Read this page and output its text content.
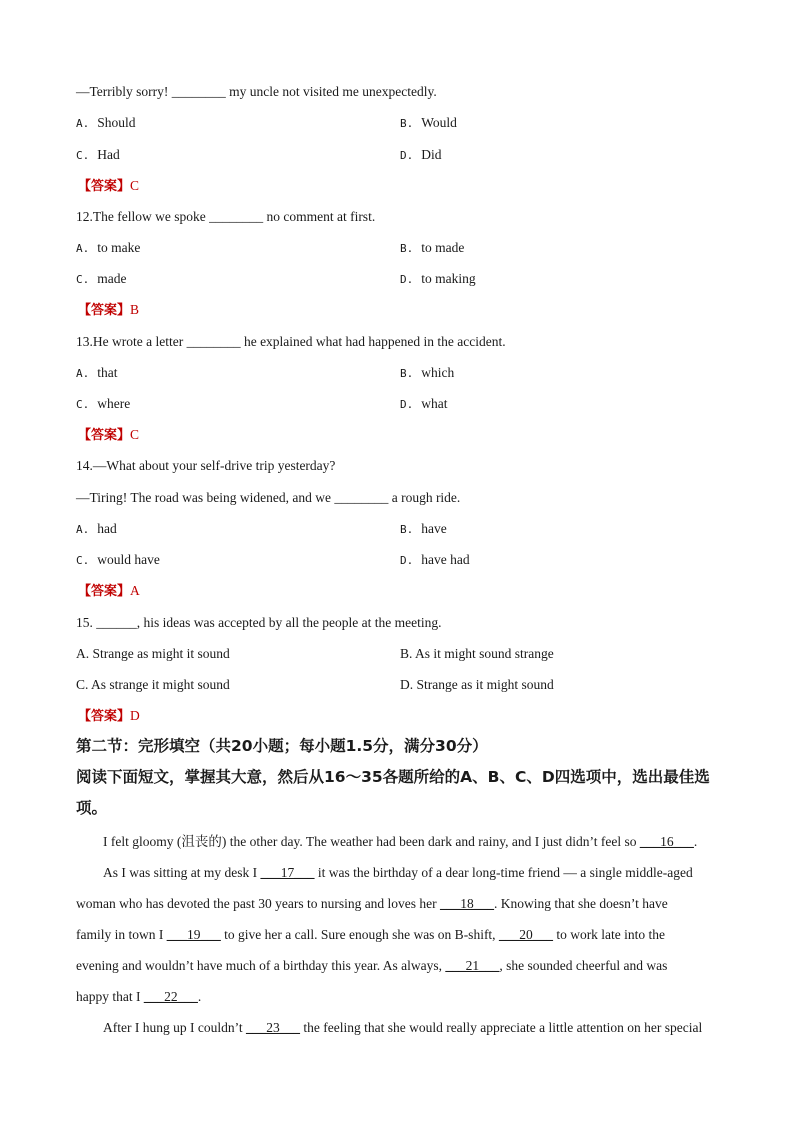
—Terribly sorry! ________ my uncle not visited me unexpectedly.
A. Should	B. Would
C. Had	D. Did
【答案】C
12.The fellow we spoke ________ no comment at first.
A. to make	B. to made
C. made	D. to making
【答案】B
13.He wrote a letter ________ he explained what had happened in the accident.
A. that	B. which
C. where	D. what
【答案】C
14.—What about your self-drive trip yesterday?
—Tiring! The road was being widened, and we ________ a rough ride.
A. had	B. have
C. would have	D. have had
【答案】A
15. ______, his ideas was accepted by all the people at the meeting.
A. Strange as might it sound	B. As it might sound strange
C. As strange it might sound	D. Strange as it might sound
【答案】D
第二节：完形填空（共20小题；每小题1.5分，满分30分）
阅读下面短文，掌握其大意，然后从16～35各题所给的A、B、C、D四选项中，选出最佳选
项。
I felt gloomy (沮丧的) the other day. The weather had been dark and rainy, and I just didn’t feel so ___16___.
As I was sitting at my desk I ___17___ it was the birthday of a dear long-time friend — a single middle-aged
woman who has devoted the past 30 years to nursing and loves her ___18___. Knowing that she doesn’t have
family in town I ___19___ to give her a call. Sure enough she was on B-shift, ___20___ to work late into the
evening and wouldn’t have much of a birthday this year. As always, ___21___, she sounded cheerful and was
happy that I ___22___.
After I hung up I couldn’t ___23___ the feeling that she would really appreciate a little attention on her special
